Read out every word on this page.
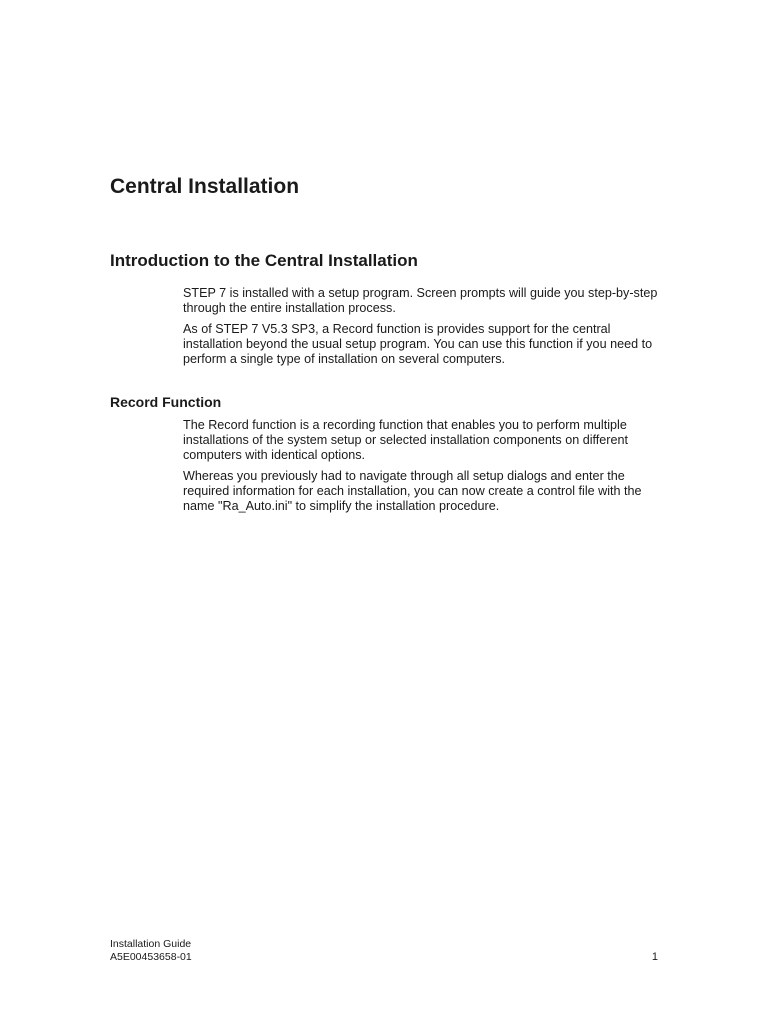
Central Installation
Introduction to the Central Installation

STEP 7 is installed with a setup program. Screen prompts will guide you step-by-step through the entire installation process.

As of STEP 7 V5.3 SP3, a Record function is provides support for the central installation beyond the usual setup program. You can use this function if you need to perform a single type of installation on several computers.

Record Function

The Record function is a recording function that enables you to perform multiple installations of the system setup or selected installation components on different computers with identical options.

Whereas you previously had to navigate through all setup dialogs and enter the required information for each installation, you can now create a control file with the name "Ra_Auto.ini" to simplify the installation procedure.

Installation Guide
A5E00453658-01	1
